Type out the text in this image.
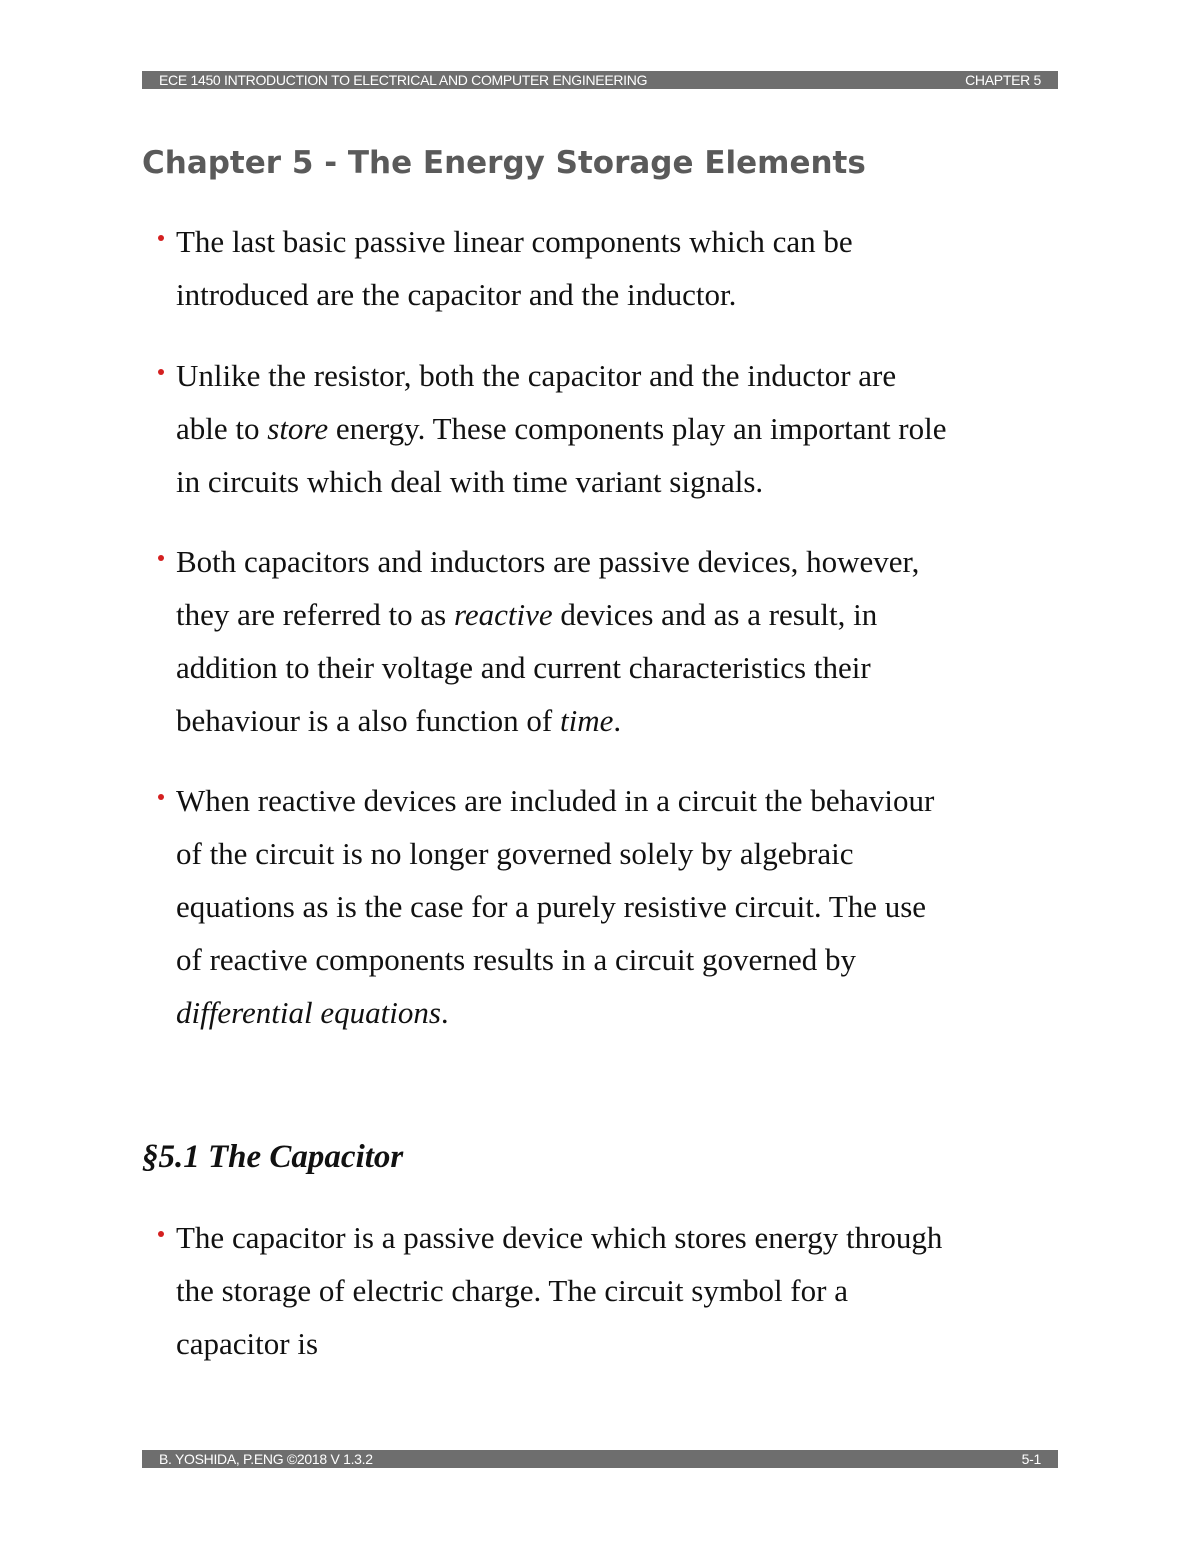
ECE 1450 INTRODUCTION TO ELECTRICAL AND COMPUTER ENGINEERING	CHAPTER 5
Chapter 5 - The Energy Storage Elements
The last basic passive linear components which can be
introduced are the capacitor and the inductor.
Unlike the resistor, both the capacitor and the inductor are
able to store energy. These components play an important role
in circuits which deal with time variant signals.
Both capacitors and inductors are passive devices, however,
they are referred to as reactive devices and as a result, in
addition to their voltage and current characteristics their
behaviour is a also function of time.
When reactive devices are included in a circuit the behaviour
of the circuit is no longer governed solely by algebraic
equations as is the case for a purely resistive circuit. The use
of reactive components results in a circuit governed by
differential equations.
§5.1 The Capacitor
The capacitor is a passive device which stores energy through
the storage of electric charge. The circuit symbol for a
capacitor is
B. YOSHIDA, P.ENG ©2018 V 1.3.2	5-1
